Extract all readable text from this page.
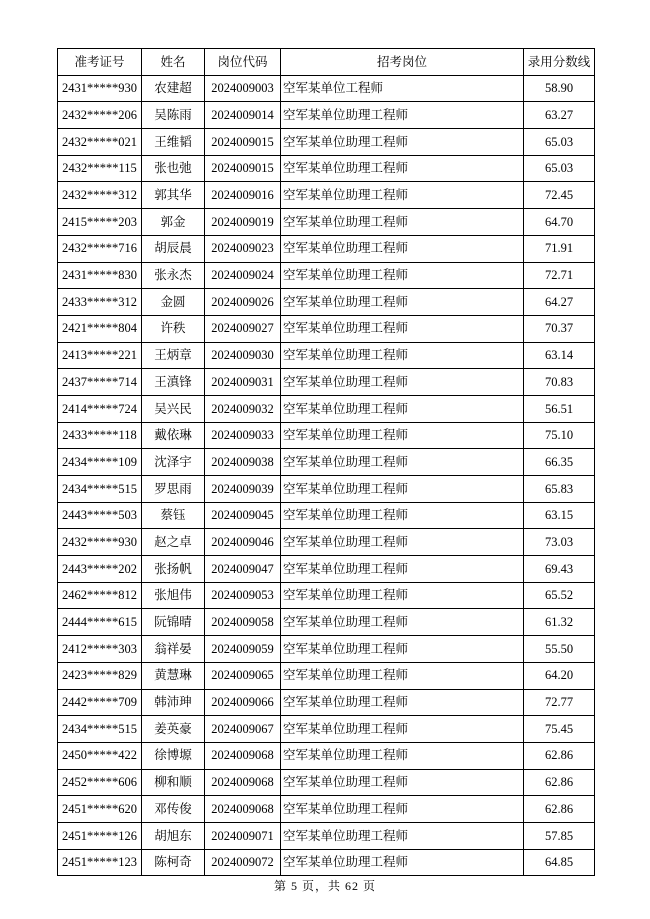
准考证号	姓名	岗位代码	招考岗位	录用分数线
2431*****930	农建超	2024009003	空军某单位工程师	58.90
2432*****206	吴陈雨	2024009014	空军某单位助理工程师	63.27
2432*****021	王维韬	2024009015	空军某单位助理工程师	65.03
2432*****115	张也弛	2024009015	空军某单位助理工程师	65.03
2432*****312	郭其华	2024009016	空军某单位助理工程师	72.45
2415*****203	郭金	2024009019	空军某单位助理工程师	64.70
2432*****716	胡辰晨	2024009023	空军某单位助理工程师	71.91
2431*****830	张永杰	2024009024	空军某单位助理工程师	72.71
2433*****312	金圆	2024009026	空军某单位助理工程师	64.27
2421*****804	许秩	2024009027	空军某单位助理工程师	70.37
2413*****221	王炳章	2024009030	空军某单位助理工程师	63.14
2437*****714	王滇锋	2024009031	空军某单位助理工程师	70.83
2414*****724	吴兴民	2024009032	空军某单位助理工程师	56.51
2433*****118	戴依琳	2024009033	空军某单位助理工程师	75.10
2434*****109	沈泽宇	2024009038	空军某单位助理工程师	66.35
2434*****515	罗思雨	2024009039	空军某单位助理工程师	65.83
2443*****503	蔡钰	2024009045	空军某单位助理工程师	63.15
2432*****930	赵之卓	2024009046	空军某单位助理工程师	73.03
2443*****202	张扬帆	2024009047	空军某单位助理工程师	69.43
2462*****812	张旭伟	2024009053	空军某单位助理工程师	65.52
2444*****615	阮锦晴	2024009058	空军某单位助理工程师	61.32
2412*****303	翁祥晏	2024009059	空军某单位助理工程师	55.50
2423*****829	黄慧琳	2024009065	空军某单位助理工程师	64.20
2442*****709	韩沛珅	2024009066	空军某单位助理工程师	72.77
2434*****515	姜英豪	2024009067	空军某单位助理工程师	75.45
2450*****422	徐博塬	2024009068	空军某单位助理工程师	62.86
2452*****606	柳和顺	2024009068	空军某单位助理工程师	62.86
2451*****620	邓传俊	2024009068	空军某单位助理工程师	62.86
2451*****126	胡旭东	2024009071	空军某单位助理工程师	57.85
2451*****123	陈柯奇	2024009072	空军某单位助理工程师	64.85
第 5 页，共 62 页
